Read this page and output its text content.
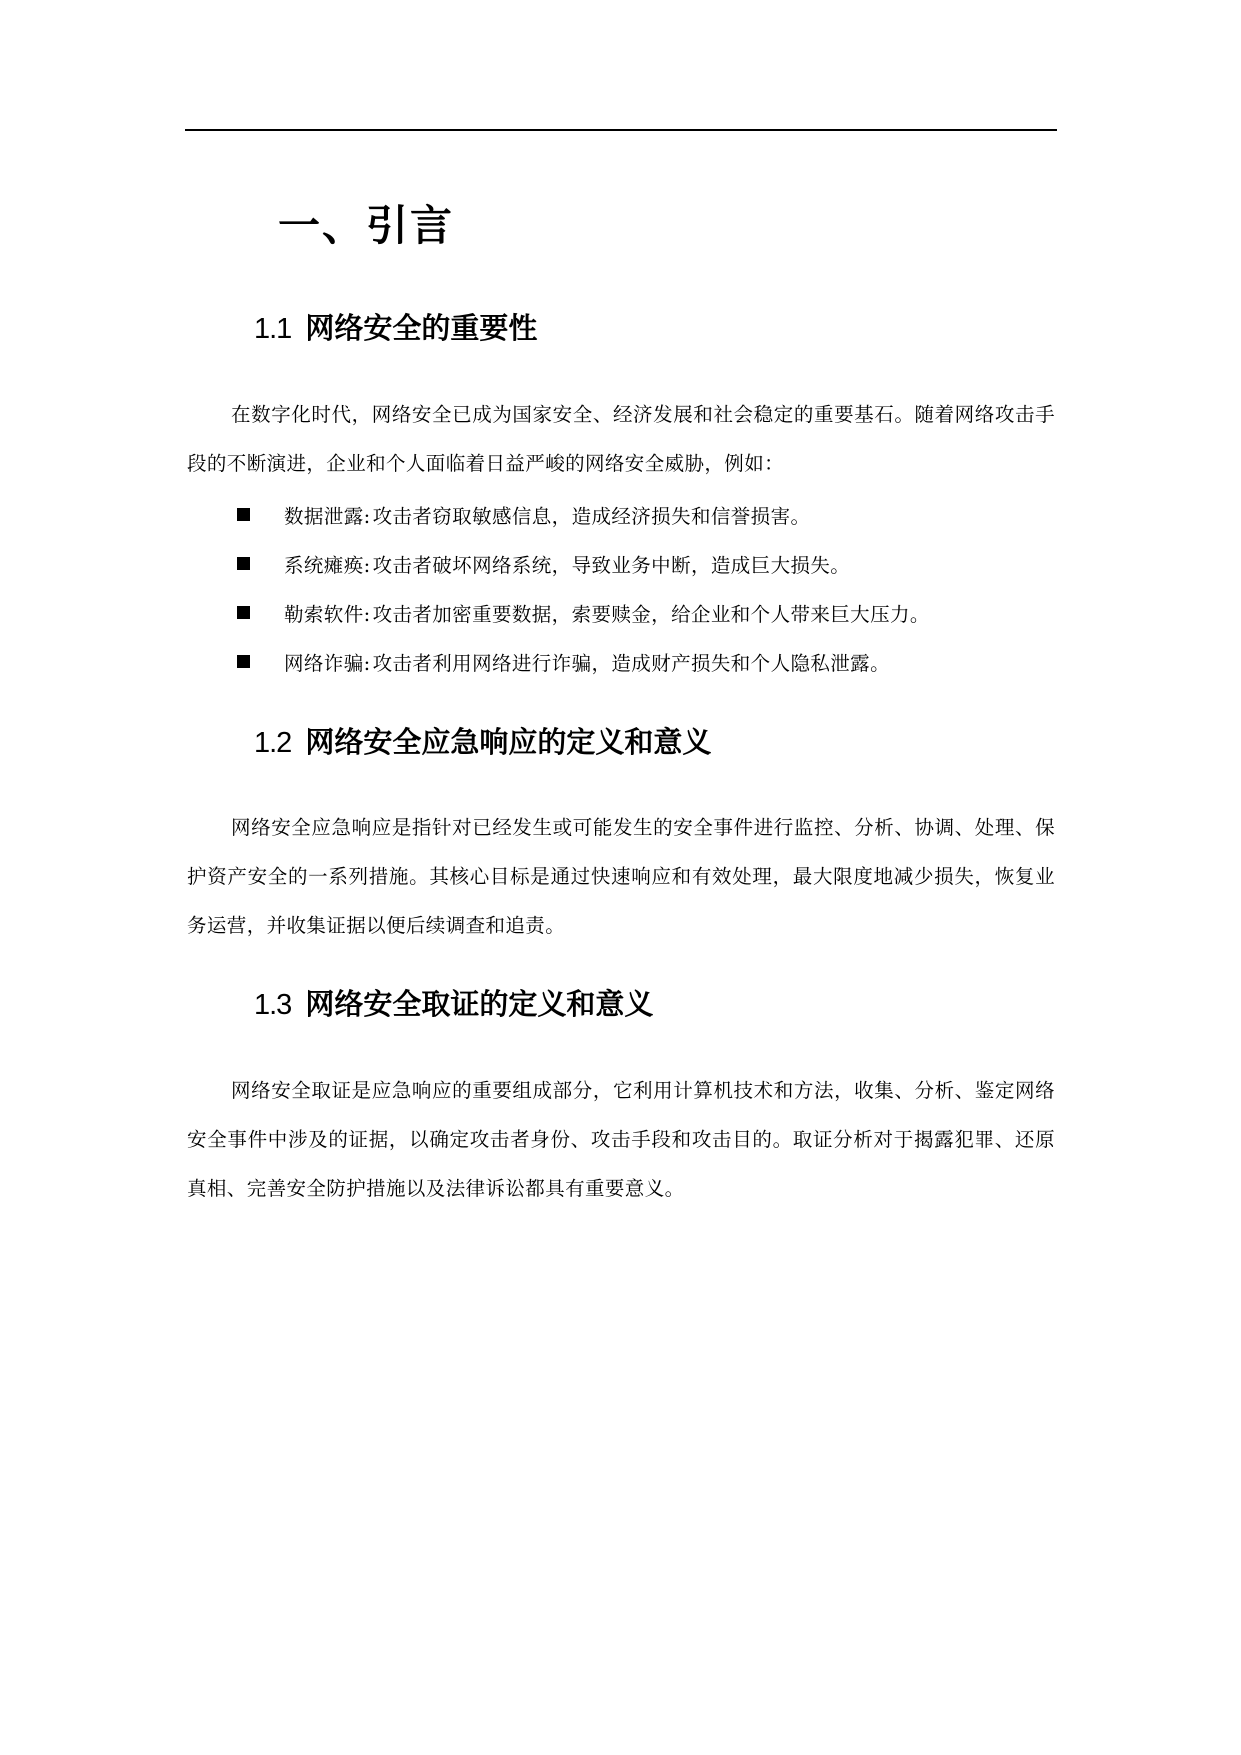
一、引言
1.1 网络安全的重要性

在数字化时代，网络安全已成为国家安全、经济发展和社会稳定的重要基石。随着网络攻击手段的不断演进，企业和个人面临着日益严峻的网络安全威胁，例如：

数据泄露: 攻击者窃取敏感信息，造成经济损失和信誉损害。
系统瘫痪: 攻击者破坏网络系统，导致业务中断，造成巨大损失。
勒索软件: 攻击者加密重要数据，索要赎金，给企业和个人带来巨大压力。
网络诈骗: 攻击者利用网络进行诈骗，造成财产损失和个人隐私泄露。
1.2 网络安全应急响应的定义和意义

网络安全应急响应是指针对已经发生或可能发生的安全事件进行监控、分析、协调、处理、保护资产安全的一系列措施。其核心目标是通过快速响应和有效处理，最大限度地减少损失，恢复业务运营，并收集证据以便后续调查和追责。

1.3 网络安全取证的定义和意义

网络安全取证是应急响应的重要组成部分，它利用计算机技术和方法，收集、分析、鉴定网络安全事件中涉及的证据，以确定攻击者身份、攻击手段和攻击目的。取证分析对于揭露犯罪、还原真相、完善安全防护措施以及法律诉讼都具有重要意义。
